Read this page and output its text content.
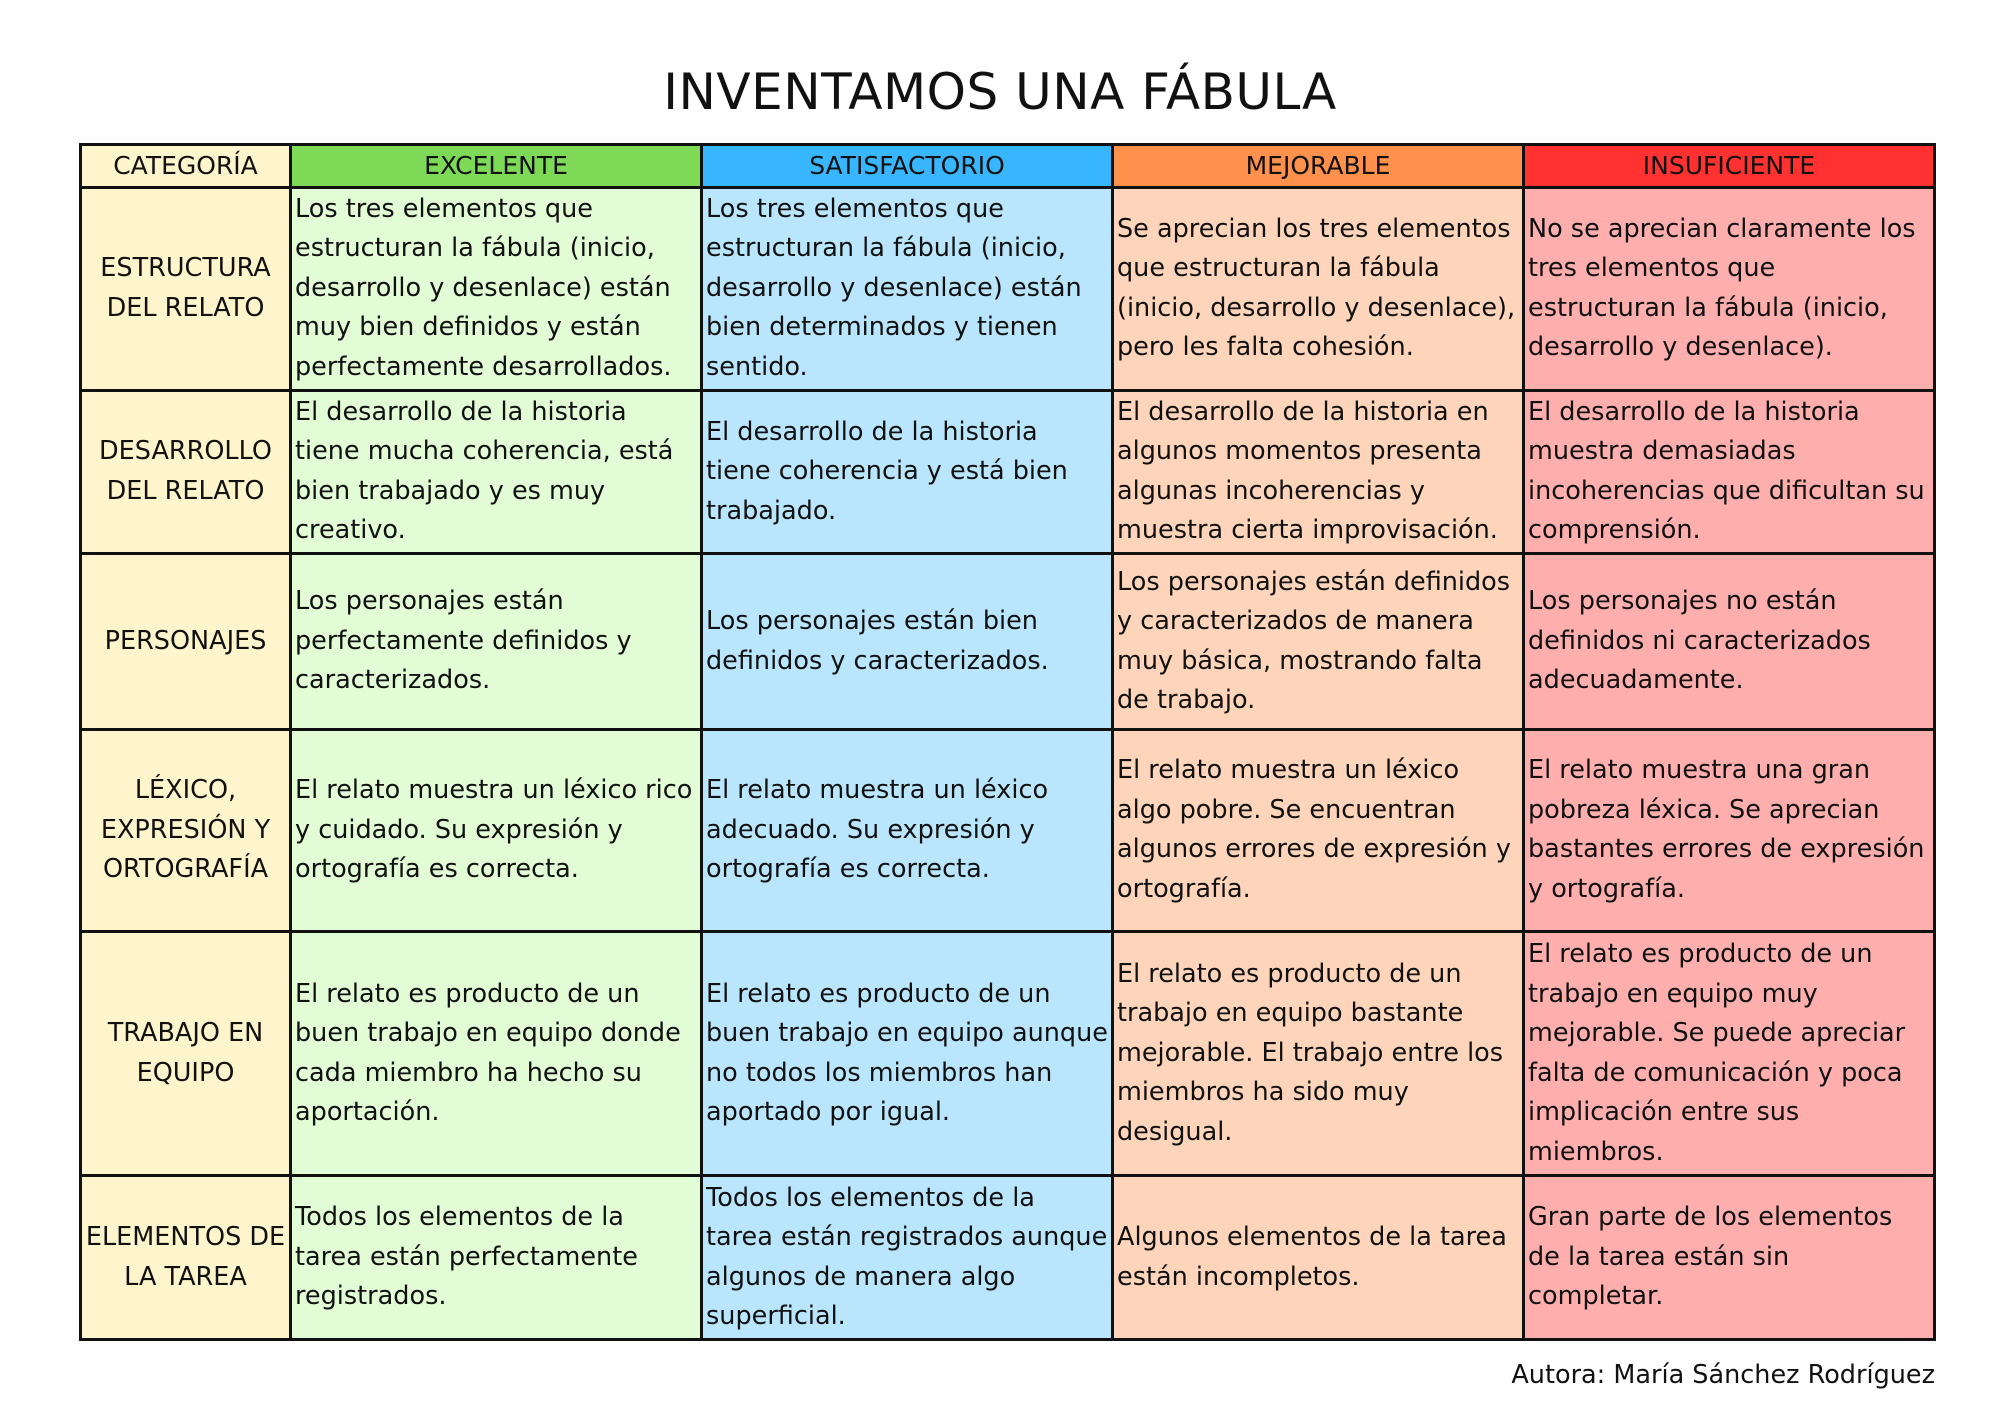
INVENTAMOS UNA FÁBULA
CATEGORÍA	EXCELENTE	SATISFACTORIO	MEJORABLE	INSUFICIENTE
ESTRUCTURA DEL RELATO	Los tres elementos que estructuran la fábula (inicio, desarrollo y desenlace) están muy bien definidos y están perfectamente desarrollados.	Los tres elementos que estructuran la fábula (inicio, desarrollo y desenlace) están bien determinados y tienen sentido.	Se aprecian los tres elementos que estructuran la fábula (inicio, desarrollo y desenlace), pero les falta cohesión.	No se aprecian claramente los tres elementos que estructuran la fábula (inicio, desarrollo y desenlace).
DESARROLLO DEL RELATO	El desarrollo de la historia tiene mucha coherencia, está bien trabajado y es muy creativo.	El desarrollo de la historia tiene coherencia y está bien trabajado.	El desarrollo de la historia en algunos momentos presenta algunas incoherencias y muestra cierta improvisación.	El desarrollo de la historia muestra demasiadas incoherencias que dificultan su comprensión.
PERSONAJES	Los personajes están perfectamente definidos y caracterizados.	Los personajes están bien definidos y caracterizados.	Los personajes están definidos y caracterizados de manera muy básica, mostrando falta de trabajo.	Los personajes no están definidos ni caracterizados adecuadamente.
LÉXICO, EXPRESIÓN Y ORTOGRAFÍA	El relato muestra un léxico rico y cuidado. Su expresión y ortografía es correcta.	El relato muestra un léxico adecuado. Su expresión y ortografía es correcta.	El relato muestra un léxico algo pobre. Se encuentran algunos errores de expresión y ortografía.	El relato muestra una gran pobreza léxica. Se aprecian bastantes errores de expresión y ortografía.
TRABAJO EN EQUIPO	El relato es producto de un buen trabajo en equipo donde cada miembro ha hecho su aportación.	El relato es producto de un buen trabajo en equipo aunque no todos los miembros han aportado por igual.	El relato es producto de un trabajo en equipo bastante mejorable. El trabajo entre los miembros ha sido muy desigual.	El relato es producto de un trabajo en equipo muy mejorable. Se puede apreciar falta de comunicación y poca implicación entre sus miembros.
ELEMENTOS DE LA TAREA	Todos los elementos de la tarea están perfectamente registrados.	Todos los elementos de la tarea están registrados aunque algunos de manera algo superficial.	Algunos elementos de la tarea están incompletos.	Gran parte de los elementos de la tarea están sin completar.
Autora: María Sánchez Rodríguez
